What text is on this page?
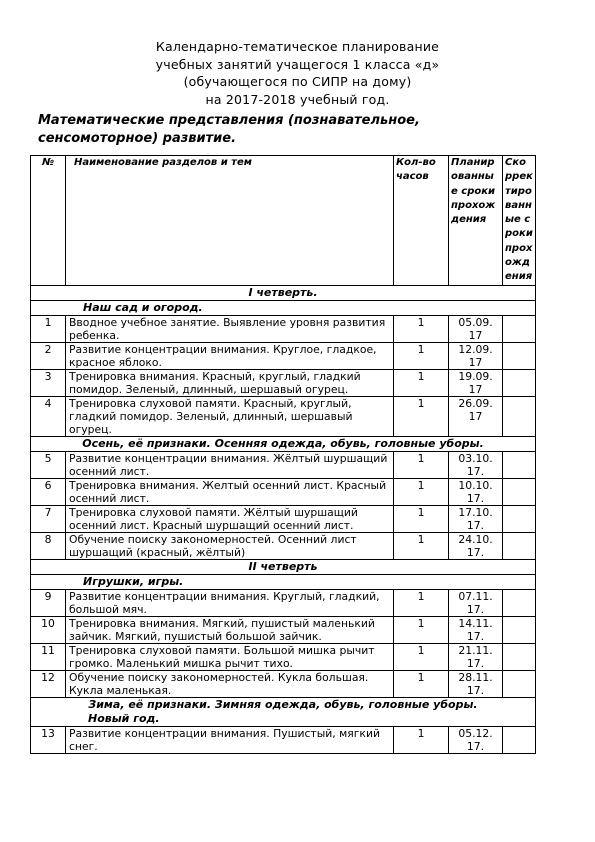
Календарно-тематическое планирование
учебных занятий учащегося 1 класса «д»
(обучающегося по СИПР на дому)
на 2017-2018 учебный год.
Математические представления (познавательное,
сенсомоторное) развитие.
№	Наименование разделов и тем	Кол-во часов	Планированные сроки прохождения	Скорректированные сроки прохождения
I четверть.				
Наш сад и огород.				
1	Вводное учебное занятие. Выявление уровня развития ребенка.	1	05.09. 17	
2	Развитие концентрации внимания. Круглое, гладкое, красное яблоко.	1	12.09. 17	
3	Тренировка внимания. Красный, круглый, гладкий помидор. Зеленый, длинный, шершавый огурец.	1	19.09. 17	
4	Тренировка слуховой памяти. Красный, круглый, гладкий помидор. Зеленый, длинный, шершавый огурец.	1	26.09. 17	
Осень, её признаки. Осенняя одежда, обувь, головные уборы.				
5	Развитие концентрации внимания. Жёлтый шуршащий осенний лист.	1	03.10. 17.	
6	Тренировка внимания. Желтый осенний лист. Красный осенний лист.	1	10.10. 17.	
7	Тренировка слуховой памяти. Жёлтый шуршащий осенний лист. Красный шуршащий осенний лист.	1	17.10. 17.	
8	Обучение поиску закономерностей. Осенний лист шуршащий (красный, жёлтый)	1	24.10. 17.	
II четверть				
Игрушки, игры.				
9	Развитие концентрации внимания. Круглый, гладкий, большой мяч.	1	07.11. 17.	
10	Тренировка внимания. Мягкий, пушистый маленький зайчик. Мягкий, пушистый большой зайчик.	1	14.11. 17.	
11	Тренировка слуховой памяти. Большой мишка рычит громко. Маленький мишка рычит тихо.	1	21.11. 17.	
12	Обучение поиску закономерностей. Кукла большая. Кукла маленькая.	1	28.11. 17.	

Зима, её признаки. Зимняя одежда, обувь, головные уборы.
Новый год.				

13	Развитие концентрации внимания. Пушистый, мягкий снег.	1	05.12. 17.	
